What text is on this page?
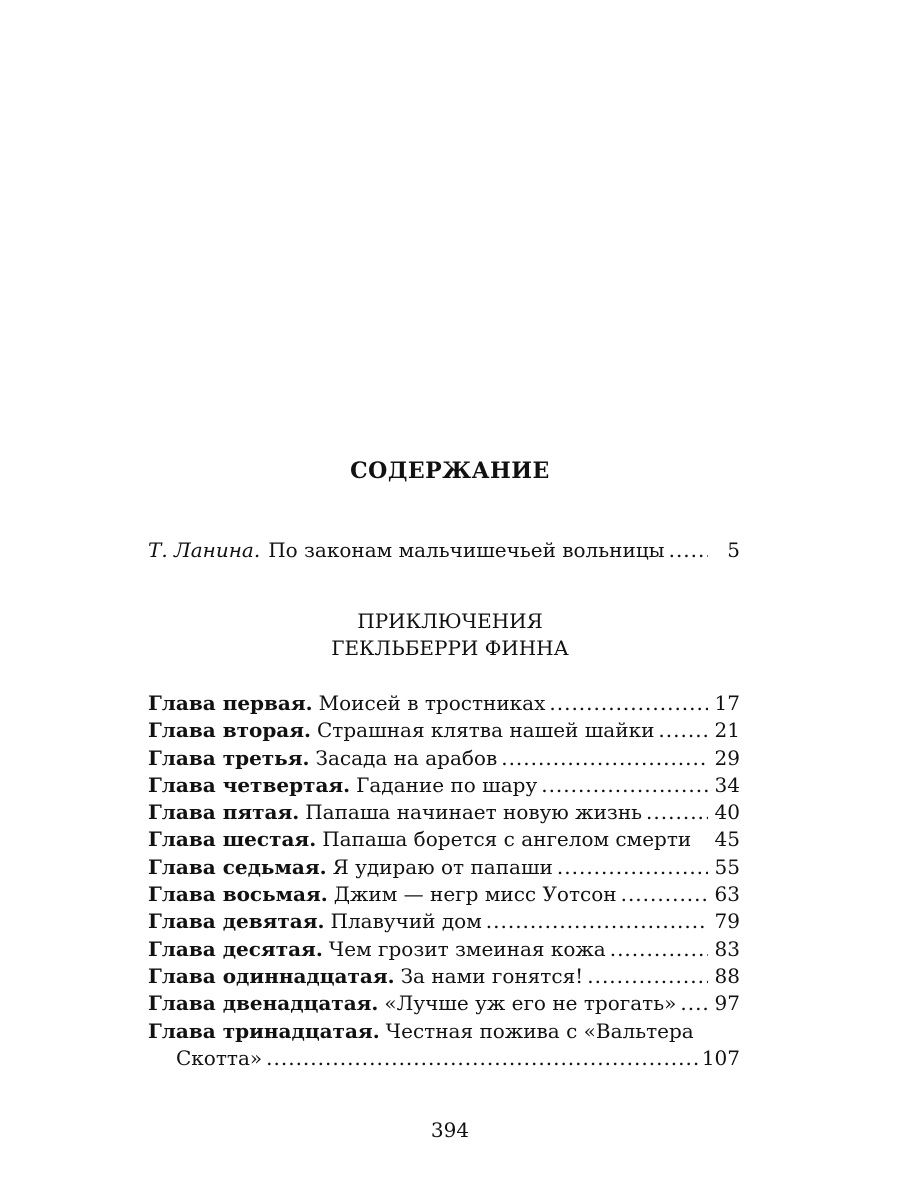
СОДЕРЖАНИЕ
Т. Ланина. По законам мальчишечьей вольницы .....	5
ПРИКЛЮЧЕНИЯ
ГЕКЛЬБЕРРИ ФИННА
Глава первая. Моисей в тростниках .....	17
Глава вторая. Страшная клятва нашей шайки .....	21
Глава третья. Засада на арабов .....	29
Глава четвертая. Гадание по шару .....	34
Глава пятая. Папаша начинает новую жизнь .....	40
Глава шестая. Папаша борется с ангелом смерти 45
Глава седьмая. Я удираю от папаши .....	55
Глава восьмая. Джим — негр мисс Уотсон .....	63
Глава девятая. Плавучий дом .....	79
Глава десятая. Чем грозит змеиная кожа .....	83
Глава одиннадцатая. За нами гонятся! .....	88
Глава двенадцатая. «Лучше уж его не трогать» ..... 97
Глава тринадцатая. Честная пожива с «Вальтера
Скотта» .....	107
394
